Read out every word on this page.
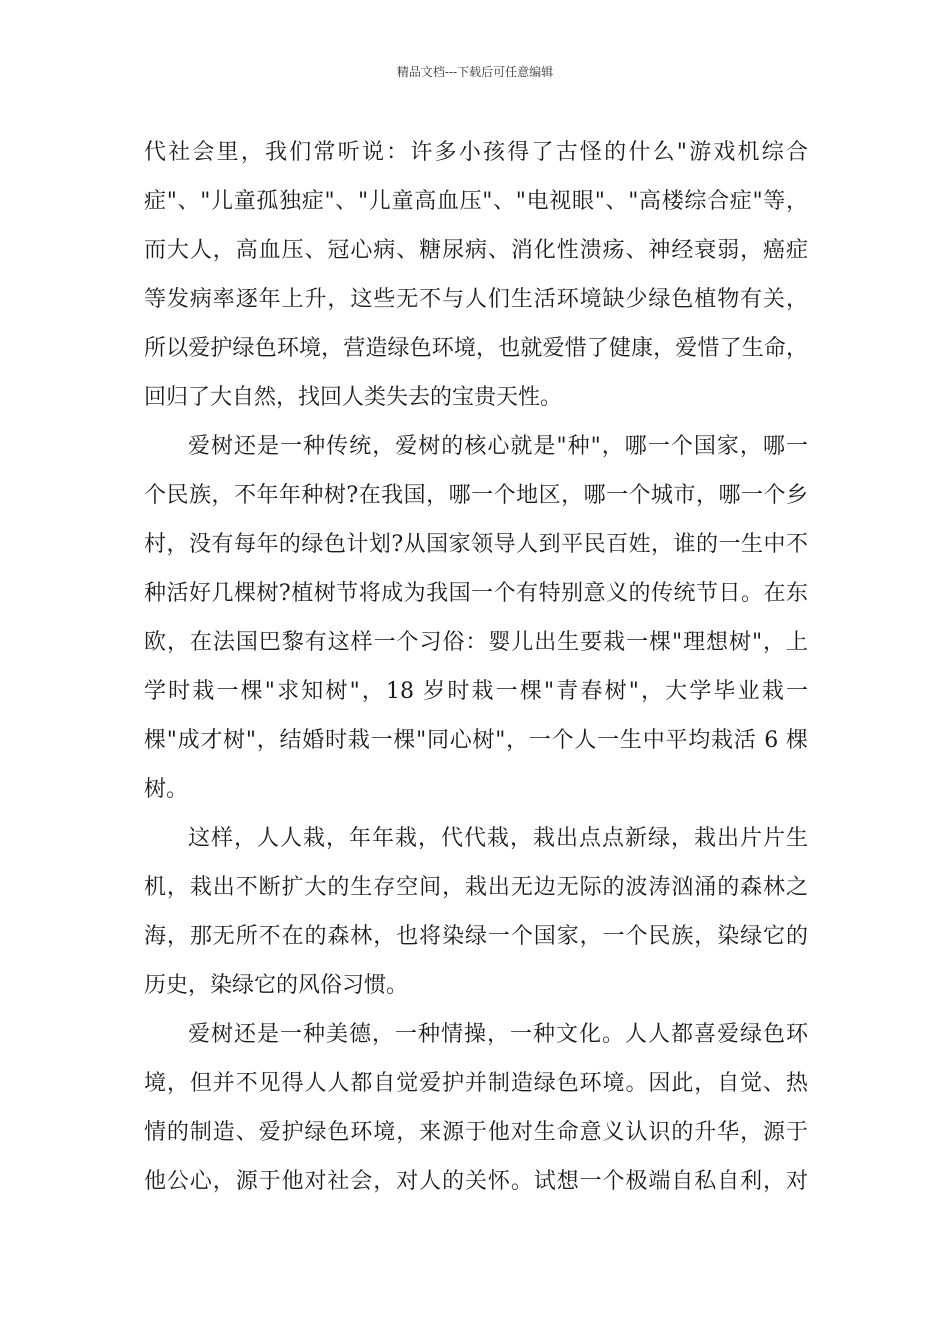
精品文档---下载后可任意编辑
代社会里，我们常听说：许多小孩得了古怪的什么"游戏机综合
症"、"儿童孤独症"、"儿童高血压"、"电视眼"、"高楼综合症"等，
而大人，高血压、冠心病、糖尿病、消化性溃疡、神经衰弱，癌症
等发病率逐年上升，这些无不与人们生活环境缺少绿色植物有关，
所以爱护绿色环境，营造绿色环境，也就爱惜了健康，爱惜了生命，
回归了大自然，找回人类失去的宝贵天性。
爱树还是一种传统，爱树的核心就是"种"，哪一个国家，哪一
个民族，不年年种树?在我国，哪一个地区，哪一个城市，哪一个乡
村，没有每年的绿色计划?从国家领导人到平民百姓，谁的一生中不
种活好几棵树?植树节将成为我国一个有特别意义的传统节日。在东
欧，在法国巴黎有这样一个习俗：婴儿出生要栽一棵"理想树"，上
学时栽一棵"求知树"，18 岁时栽一棵"青春树"，大学毕业栽一
棵"成才树"，结婚时栽一棵"同心树"，一个人一生中平均栽活 6 棵
树。
这样，人人栽，年年栽，代代栽，栽出点点新绿，栽出片片生
机，栽出不断扩大的生存空间，栽出无边无际的波涛汹涌的森林之
海，那无所不在的森林，也将染绿一个国家，一个民族，染绿它的
历史，染绿它的风俗习惯。
爱树还是一种美德，一种情操，一种文化。人人都喜爱绿色环
境，但并不见得人人都自觉爱护并制造绿色环境。因此，自觉、热
情的制造、爱护绿色环境，来源于他对生命意义认识的升华，源于
他公心，源于他对社会，对人的关怀。试想一个极端自私自利，对
